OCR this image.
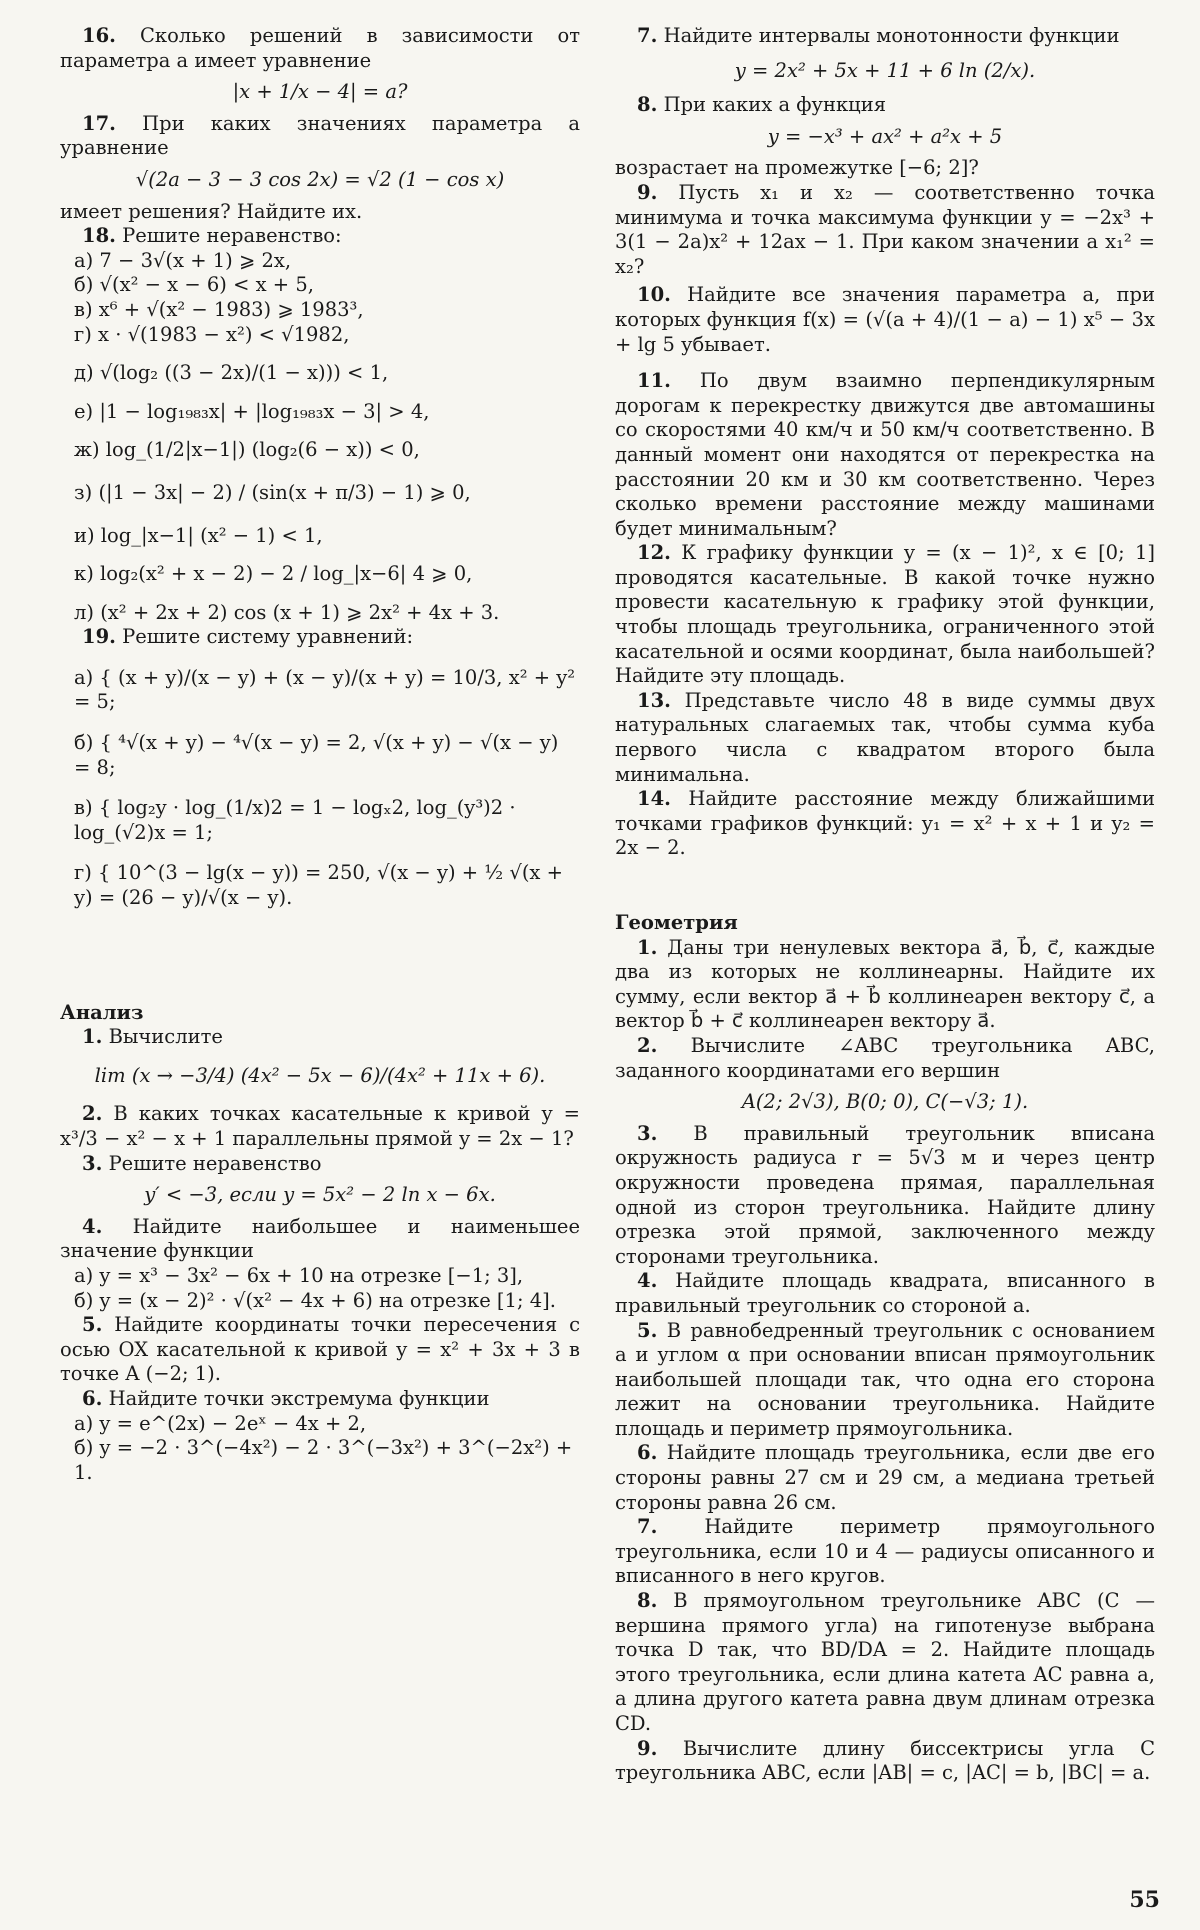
16. Сколько решений в зависимости от параметра a имеет уравнение

|x + 1/x − 4| = a?

17. При каких значениях параметра a уравнение

√(2a − 3 − 3 cos 2x) = √2 (1 − cos x)

имеет решения? Найдите их.

18. Решите неравенство:

а) 7 − 3√(x + 1) ⩾ 2x,

б) √(x² − x − 6) < x + 5,

в) x⁶ + √(x² − 1983) ⩾ 1983³,

г) x · √(1983 − x²) < √1982,

д) √(log₂ ((3 − 2x)/(1 − x))) < 1,

е) |1 − log₁₉₈₃x| + |log₁₉₈₃x − 3| > 4,

ж) log_(1/2|x−1|) (log₂(6 − x)) < 0,

з) (|1 − 3x| − 2) / (sin(x + π/3) − 1) ⩾ 0,

и) log_|x−1| (x² − 1) < 1,

к) log₂(x² + x − 2) − 2 / log_|x−6| 4 ⩾ 0,

л) (x² + 2x + 2) cos (x + 1) ⩾ 2x² + 4x + 3.

19. Решите систему уравнений:

а) { (x + y)/(x − y) + (x − y)/(x + y) = 10/3, x² + y² = 5;

б) { ⁴√(x + y) − ⁴√(x − y) = 2, √(x + y) − √(x − y) = 8;

в) { log₂y · log_(1/x)2 = 1 − logₓ2, log_(y³)2 · log_(√2)x = 1;

г) { 10^(3 − lg(x − y)) = 250, √(x − y) + ½ √(x + y) = (26 − y)/√(x − y).

Анализ

1. Вычислите

lim (x → −3/4) (4x² − 5x − 6)/(4x² + 11x + 6).

2. В каких точках касательные к кривой y = x³/3 − x² − x + 1 параллельны прямой y = 2x − 1?

3. Решите неравенство

y′ < −3, если y = 5x² − 2 ln x − 6x.

4. Найдите наибольшее и наименьшее значение функции

а) y = x³ − 3x² − 6x + 10 на отрезке [−1; 3],

б) y = (x − 2)² · √(x² − 4x + 6) на отрезке [1; 4].

5. Найдите координаты точки пересечения с осью OX касательной к кривой y = x² + 3x + 3 в точке A (−2; 1).

6. Найдите точки экстремума функции

а) y = e^(2x) − 2eˣ − 4x + 2,

б) y = −2 · 3^(−4x²) − 2 · 3^(−3x²) + 3^(−2x²) + 1.

7. Найдите интервалы монотонности функции

y = 2x² + 5x + 11 + 6 ln (2/x).

8. При каких a функция

y = −x³ + ax² + a²x + 5

возрастает на промежутке [−6; 2]?

9. Пусть x₁ и x₂ — соответственно точка минимума и точка максимума функции y = −2x³ + 3(1 − 2a)x² + 12ax − 1. При каком значении a x₁² = x₂?

10. Найдите все значения параметра a, при которых функция f(x) = (√(a + 4)/(1 − a) − 1) x⁵ − 3x + lg 5 убывает.

11. По двум взаимно перпендикулярным дорогам к перекрестку движутся две автомашины со скоростями 40 км/ч и 50 км/ч соответственно. В данный момент они находятся от перекрестка на расстоянии 20 км и 30 км соответственно. Через сколько времени расстояние между машинами будет минимальным?

12. К графику функции y = (x − 1)², x ∈ [0; 1] проводятся касательные. В какой точке нужно провести касательную к графику этой функции, чтобы площадь треугольника, ограниченного этой касательной и осями координат, была наибольшей? Найдите эту площадь.

13. Представьте число 48 в виде суммы двух натуральных слагаемых так, чтобы сумма куба первого числа с квадратом второго была минимальна.

14. Найдите расстояние между ближайшими точками графиков функций: y₁ = x² + x + 1 и y₂ = 2x − 2.

Геометрия

1. Даны три ненулевых вектора a⃗, b⃗, c⃗, каждые два из которых не коллинеарны. Найдите их сумму, если вектор a⃗ + b⃗ коллинеарен вектору c⃗, а вектор b⃗ + c⃗ коллинеарен вектору a⃗.

2. Вычислите ∠ABC треугольника ABC, заданного координатами его вершин

A(2; 2√3), B(0; 0), C(−√3; 1).

3. В правильный треугольник вписана окружность радиуса r = 5√3 м и через центр окружности проведена прямая, параллельная одной из сторон треугольника. Найдите длину отрезка этой прямой, заключенного между сторонами треугольника.

4. Найдите площадь квадрата, вписанного в правильный треугольник со стороной a.

5. В равнобедренный треугольник с основанием a и углом α при основании вписан прямоугольник наибольшей площади так, что одна его сторона лежит на основании треугольника. Найдите площадь и периметр прямоугольника.

6. Найдите площадь треугольника, если две его стороны равны 27 см и 29 см, а медиана третьей стороны равна 26 см.

7. Найдите периметр прямоугольного треугольника, если 10 и 4 — радиусы описанного и вписанного в него кругов.

8. В прямоугольном треугольнике ABC (C — вершина прямого угла) на гипотенузе выбрана точка D так, что BD/DA = 2. Найдите площадь этого треугольника, если длина катета AC равна a, а длина другого катета равна двум длинам отрезка CD.

9. Вычислите длину биссектрисы угла C треугольника ABC, если |AB| = c, |AC| = b, |BC| = a.

55
